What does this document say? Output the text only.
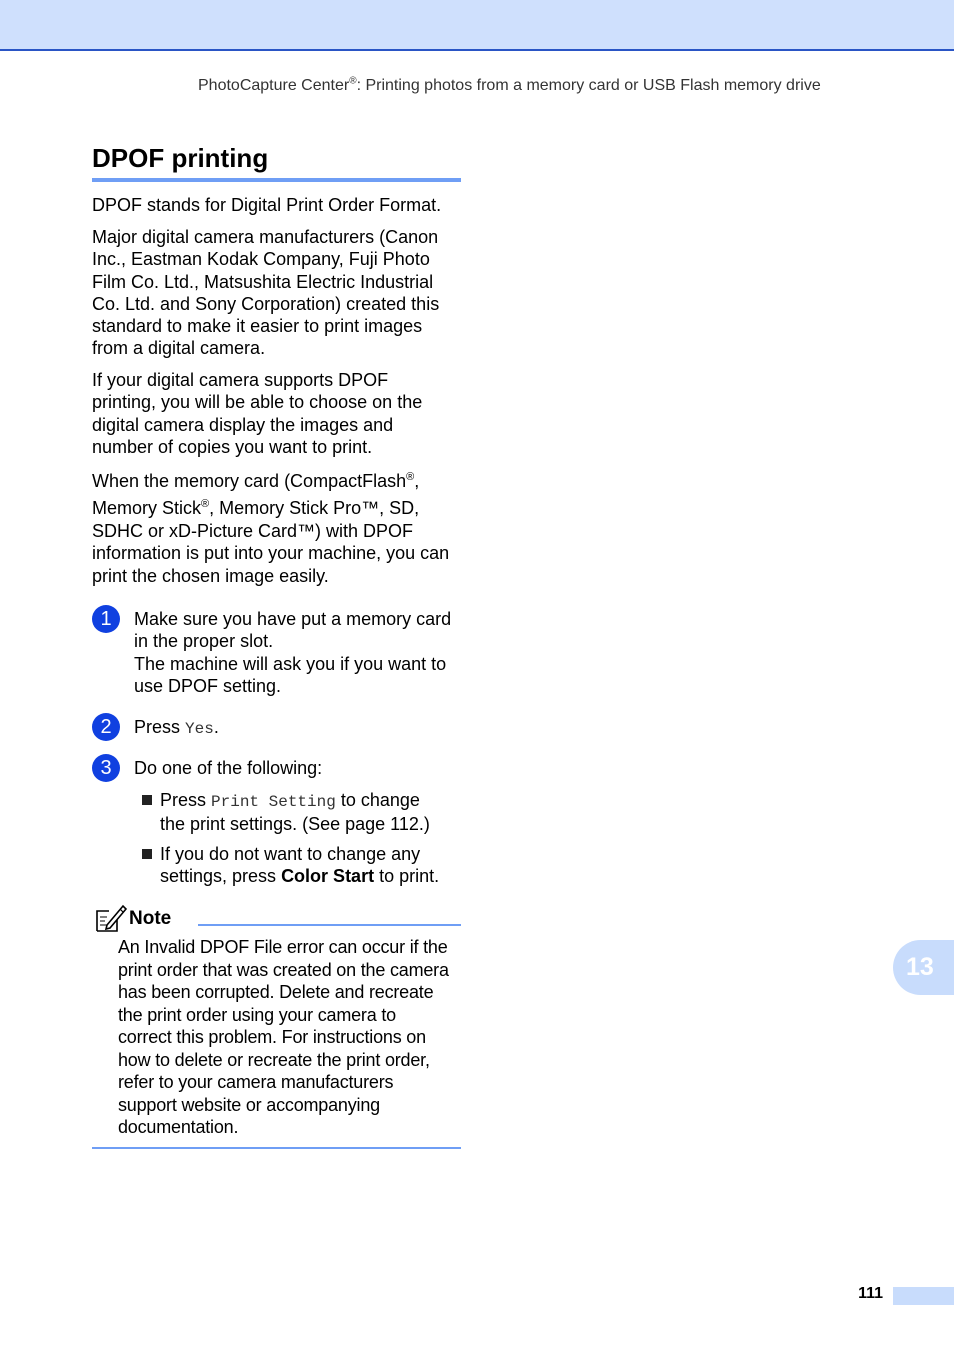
PhotoCapture Center®: Printing photos from a memory card or USB Flash memory drive
DPOF printing

DPOF stands for Digital Print Order Format.

Major digital camera manufacturers (Canon

Inc., Eastman Kodak Company, Fuji Photo

Film Co. Ltd., Matsushita Electric Industrial

Co. Ltd. and Sony Corporation) created this

standard to make it easier to print images

from a digital camera.

If your digital camera supports DPOF

printing, you will be able to choose on the

digital camera display the images and

number of copies you want to print.

When the memory card (CompactFlash®,

Memory Stick®, Memory Stick Pro™, SD,

SDHC or xD-Picture Card™) with DPOF

information is put into your machine, you can

print the chosen image easily.

1	Make sure you have put a memory card
in the proper slot.
The machine will ask you if you want to
use DPOF setting.
2	Press Yes.
3	Do one of the following:
Press Print Setting to change
the print settings. (See page 112.)
If you do not want to change any
settings, press Color Start to print.
Note
An Invalid DPOF File error can occur if the
print order that was created on the camera
has been corrupted. Delete and recreate
the print order using your camera to
correct this problem. For instructions on
how to delete or recreate the print order,
refer to your camera manufacturers
support website or accompanying
documentation.
13
111
